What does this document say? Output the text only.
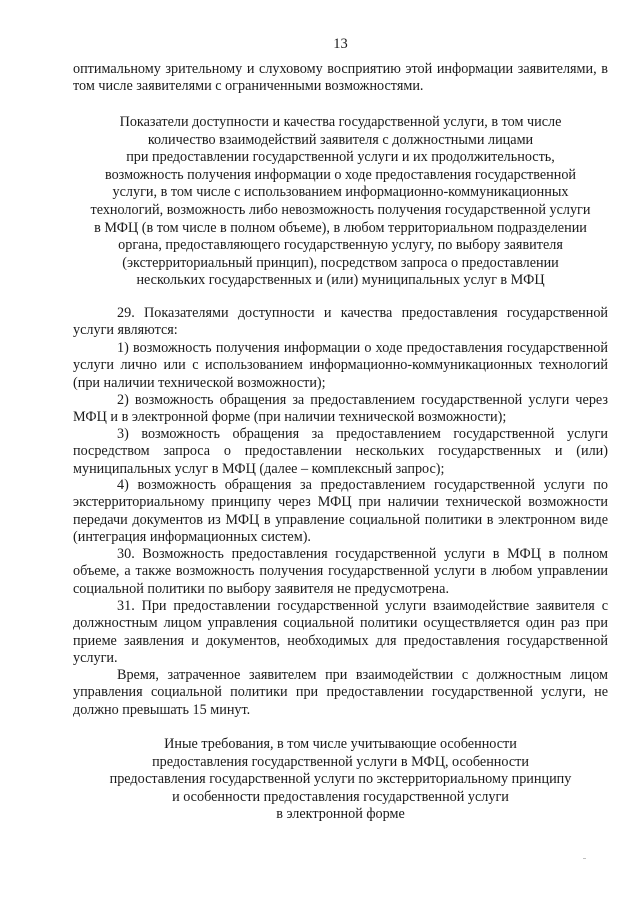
13

оптимальному зрительному и слуховому восприятию этой информации заявителями, в том числе заявителями с ограниченными возможностями.

Показатели доступности и качества государственной услуги, в том числе
количество взаимодействий заявителя с должностными лицами
при предоставлении государственной услуги и их продолжительность,
возможность получения информации о ходе предоставления государственной
услуги, в том числе с использованием информационно-коммуникационных
технологий, возможность либо невозможность получения государственной услуги
в МФЦ (в том числе в полном объеме), в любом территориальном подразделении
органа, предоставляющего государственную услугу, по выбору заявителя
(экстерриториальный принцип), посредством запроса о предоставлении
нескольких государственных и (или) муниципальных услуг в МФЦ

29. Показателями доступности и качества предоставления государственной услуги являются:

1) возможность получения информации о ходе предоставления государственной услуги лично или с использованием информационно-коммуникационных технологий (при наличии технической возможности);

2) возможность обращения за предоставлением государственной услуги через МФЦ и в электронной форме (при наличии технической возможности);

3) возможность обращения за предоставлением государственной услуги посредством запроса о предоставлении нескольких государственных и (или) муниципальных услуг в МФЦ (далее – комплексный запрос);

4) возможность обращения за предоставлением государственной услуги по экстерриториальному принципу через МФЦ при наличии технической возможности передачи документов из МФЦ в управление социальной политики в электронном виде (интеграция информационных систем).

30. Возможность предоставления государственной услуги в МФЦ в полном объеме, а также возможность получения государственной услуги в любом управлении социальной политики по выбору заявителя не предусмотрена.

31. При предоставлении государственной услуги взаимодействие заявителя с должностным лицом управления социальной политики осуществляется один раз при приеме заявления и документов, необходимых для предоставления государственной услуги.

Время, затраченное заявителем при взаимодействии с должностным лицом управления социальной политики при предоставлении государственной услуги, не должно превышать 15 минут.

Иные требования, в том числе учитывающие особенности
предоставления государственной услуги в МФЦ, особенности
предоставления государственной услуги по экстерриториальному принципу
и особенности предоставления государственной услуги
в электронной форме
